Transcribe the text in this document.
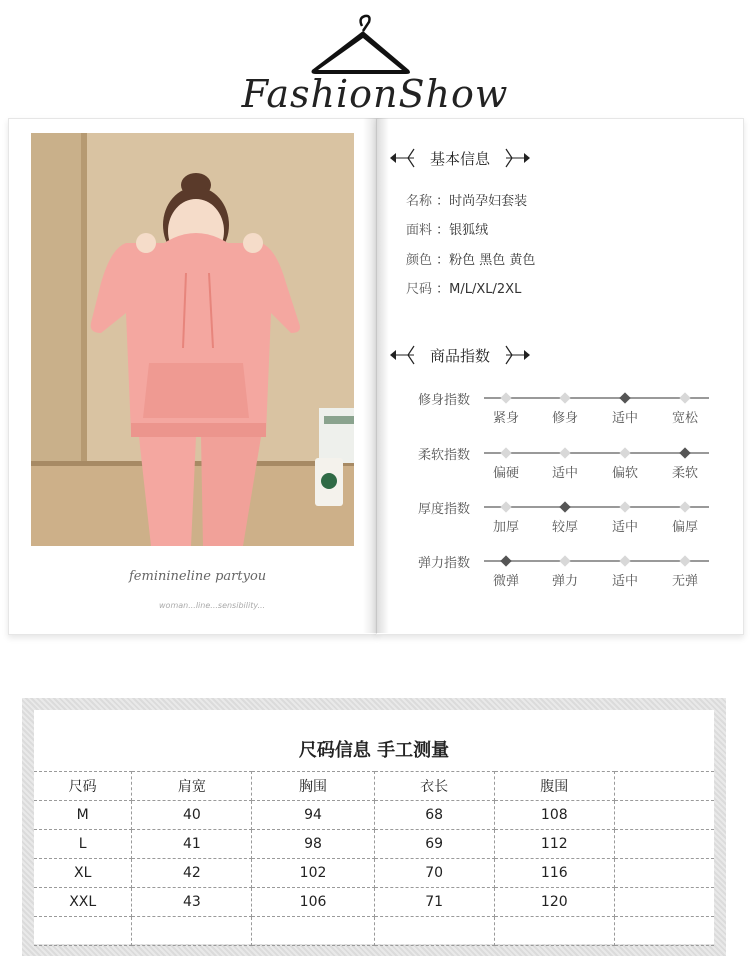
FashionShow
feminineline partyou
woman...line...sensibility...
基本信息
名称 ：时尚孕妇套装
面料 ：银狐绒
颜色 ：粉色 黑色 黄色
尺码 ：M/L/XL/2XL
商品指数
修身指数
紧身	修身	适中	宽松
柔软指数
偏硬	适中	偏软	柔软
厚度指数
加厚	较厚	适中	偏厚
弹力指数
微弹	弹力	适中	无弹
尺码信息 手工测量
尺码	肩宽	胸围	衣长	腹围	
M	40	94	68	108	
L	41	98	69	112	
XL	42	102	70	116	
XXL	43	106	71	120	
